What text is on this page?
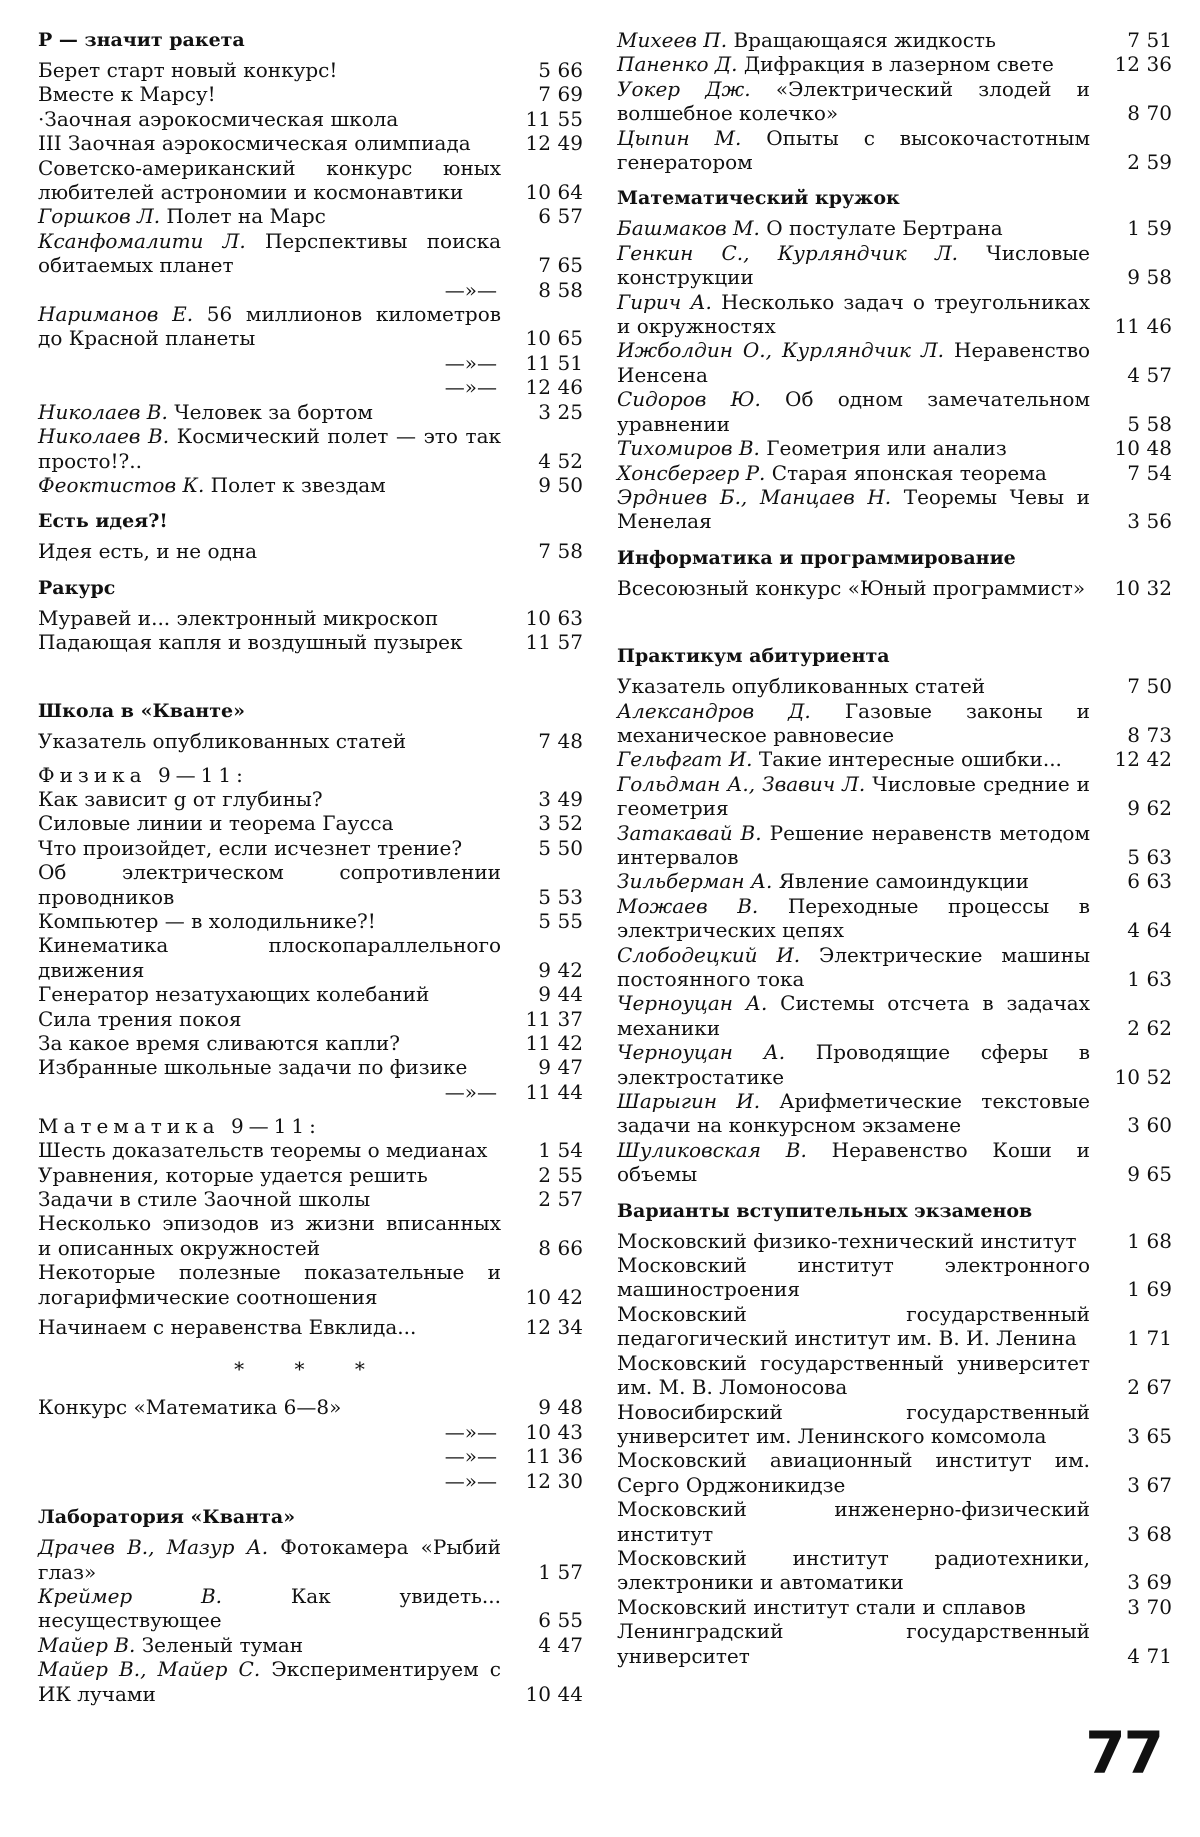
Р — значит ракета
Берет старт новый конкурс!	5 66
Вместе к Марсу!	7 69
·Заочная аэрокосмическая школа	11 55
III Заочная аэрокосмическая олимпиада	12 49
Советско-американский конкурс юных любителей астрономии и космонавтики	10 64
Горшков Л. Полет на Марс	6 57
Ксанфомалити Л. Перспективы поиска обитаемых планет	7 65
—»—	8 58
Нариманов Е. 56 миллионов километров до Красной планеты	10 65
—»—	11 51
—»—	12 46
Николаев В. Человек за бортом	3 25
Николаев В. Космический полет — это так просто!?..	4 52
Феоктистов К. Полет к звездам	9 50
Есть идея?!
Идея есть, и не одна	7 58
Ракурс
Муравей и... электронный микроскоп	10 63
Падающая капля и воздушный пузырек	11 57
Школа в «Кванте»
Указатель опубликованных статей	7 48
Физика 9—11:
Как зависит g от глубины?	3 49
Силовые линии и теорема Гаусса	3 52
Что произойдет, если исчезнет трение?	5 50
Об электрическом сопротивлении проводников	5 53
Компьютер — в холодильнике?!	5 55
Кинематика плоскопараллельного движения	9 42
Генератор незатухающих колебаний	9 44
Сила трения покоя	11 37
За какое время сливаются капли?	11 42
Избранные школьные задачи по физике	9 47
—»—	11 44
Математика 9—11:
Шесть доказательств теоремы о медианах	1 54
Уравнения, которые удается решить	2 55
Задачи в стиле Заочной школы	2 57
Несколько эпизодов из жизни вписанных и описанных окружностей	8 66
Некоторые полезные показательные и логарифмические соотношения	10 42
Начинаем с неравенства Евклида...	12 34
* * *
Конкурс «Математика 6—8»	9 48
—»—	10 43
—»—	11 36
—»—	12 30
Лаборатория «Кванта»
Драчев В., Мазур А. Фотокамера «Рыбий глаз»	1 57
Креймер В.	Как увидеть... несуществующее	6 55
Майер В. Зеленый туман	4 47
Майер В., Майер С. Экспериментируем с ИК лучами	10 44
Михеев П. Вращающаяся жидкость	7 51
Паненко Д. Дифракция в лазерном свете	12 36
Уокер Дж. «Электрический злодей и волшебное колечко»	8 70
Цыпин М. Опыты с высокочастотным генератором	2 59
Математический кружок
Башмаков М. О постулате Бертрана	1 59
Генкин С., Курляндчик Л. Числовые конструкции	9 58
Гирич А. Несколько задач о треугольниках и окружностях	11 46
Ижболдин О., Курляндчик Л. Неравенство Иенсена	4 57
Сидоров Ю. Об одном замечательном уравнении	5 58
Тихомиров В. Геометрия или анализ	10 48
Хонсбергер Р. Старая японская теорема	7 54
Эрдниев Б., Манцаев Н. Теоремы Чевы и Менелая	3 56
Информатика и программирование
Всесоюзный конкурс «Юный программист»	10 32
Практикум абитуриента
Указатель опубликованных статей	7 50
Александров Д. Газовые законы и механическое равновесие	8 73
Гельфгат И. Такие интересные ошибки...	12 42
Гольдман А., Звавич Л. Числовые средние и геометрия	9 62
Затакавай В. Решение неравенств методом интервалов	5 63
Зильберман А. Явление самоиндукции	6 63
Можаев В. Переходные процессы в электрических цепях	4 64
Слободецкий И. Электрические машины постоянного тока	1 63
Черноуцан А. Системы отсчета в задачах механики	2 62
Черноуцан А. Проводящие сферы в электростатике	10 52
Шарыгин И. Арифметические текстовые задачи на конкурсном экзамене	3 60
Шуликовская В. Неравенство Коши и объемы	9 65
Варианты вступительных экзаменов
Московский физико-технический институт	1 68
Московский институт электронного машиностроения	1 69
Московский государственный педагогический институт им. В. И. Ленина	1 71
Московский государственный университет им. М. В. Ломоносова	2 67
Новосибирский государственный университет им. Ленинского комсомола	3 65
Московский авиационный институт им. Серго Орджоникидзе	3 67
Московский инженерно-физический институт	3 68
Московский институт радиотехники, электроники и автоматики	3 69
Московский институт стали и сплавов	3 70
Ленинградский государственный университет	4 71
77
